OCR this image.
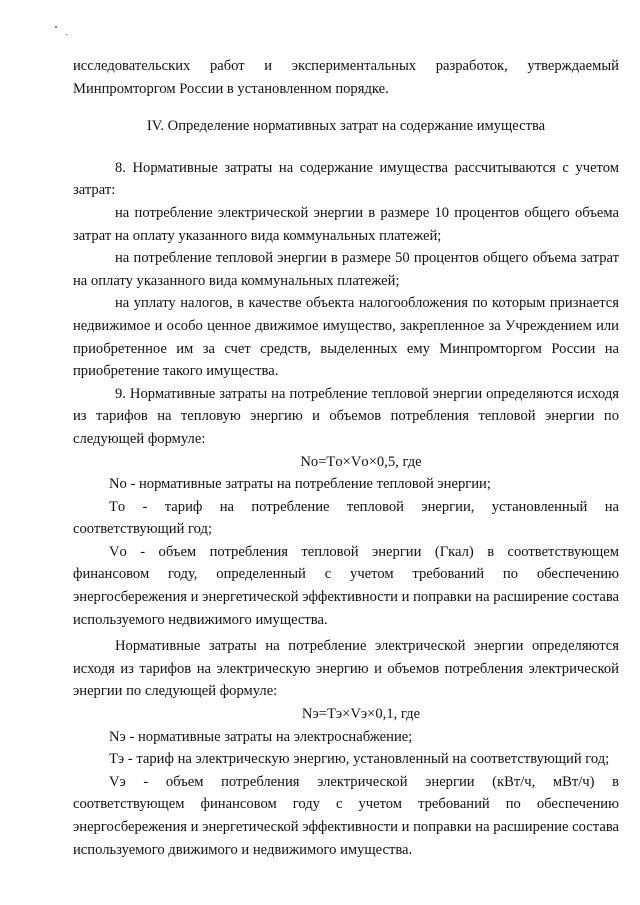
исследовательских работ и экспериментальных разработок, утверждаемый

Минпромторгом России в установленном порядке.

IV. Определение нормативных затрат на содержание имущества

8. Нормативные затраты на содержание имущества рассчитываются с учетом затрат:

на потребление электрической энергии в размере 10 процентов общего объема затрат на оплату указанного вида коммунальных платежей;

на потребление тепловой энергии в размере 50 процентов общего объема затрат на оплату указанного вида коммунальных платежей;

на уплату налогов, в качестве объекта налогообложения по которым признается недвижимое и особо ценное движимое имущество, закрепленное за Учреждением или приобретенное им за счет средств, выделенных ему Минпромторгом России на приобретение такого имущества.

9. Нормативные затраты на потребление тепловой энергии определяются исходя из тарифов на тепловую энергию и объемов потребления тепловой энергии по следующей формуле:

Nо=Tо×Vо×0,5, где

Nо - нормативные затраты на потребление тепловой энергии;

Tо - тариф на потребление тепловой энергии, установленный на соответствующий год;

Vо - объем потребления тепловой энергии (Гкал) в соответствующем финансовом году, определенный с учетом требований по обеспечению энергосбережения и энергетической эффективности и поправки на расширение состава используемого недвижимого имущества.

Нормативные затраты на потребление электрической энергии определяются исходя из тарифов на электрическую энергию и объемов потребления электрической энергии по следующей формуле:

Nэ=Tэ×Vэ×0,1, где

Nэ - нормативные затраты на электроснабжение;

Tэ - тариф на электрическую энергию, установленный на соответствующий год;

Vэ - объем потребления электрической энергии (кВт/ч, мВт/ч) в соответствующем финансовом году с учетом требований по обеспечению энергосбережения и энергетической эффективности и поправки на расширение состава используемого движимого и недвижимого имущества.
